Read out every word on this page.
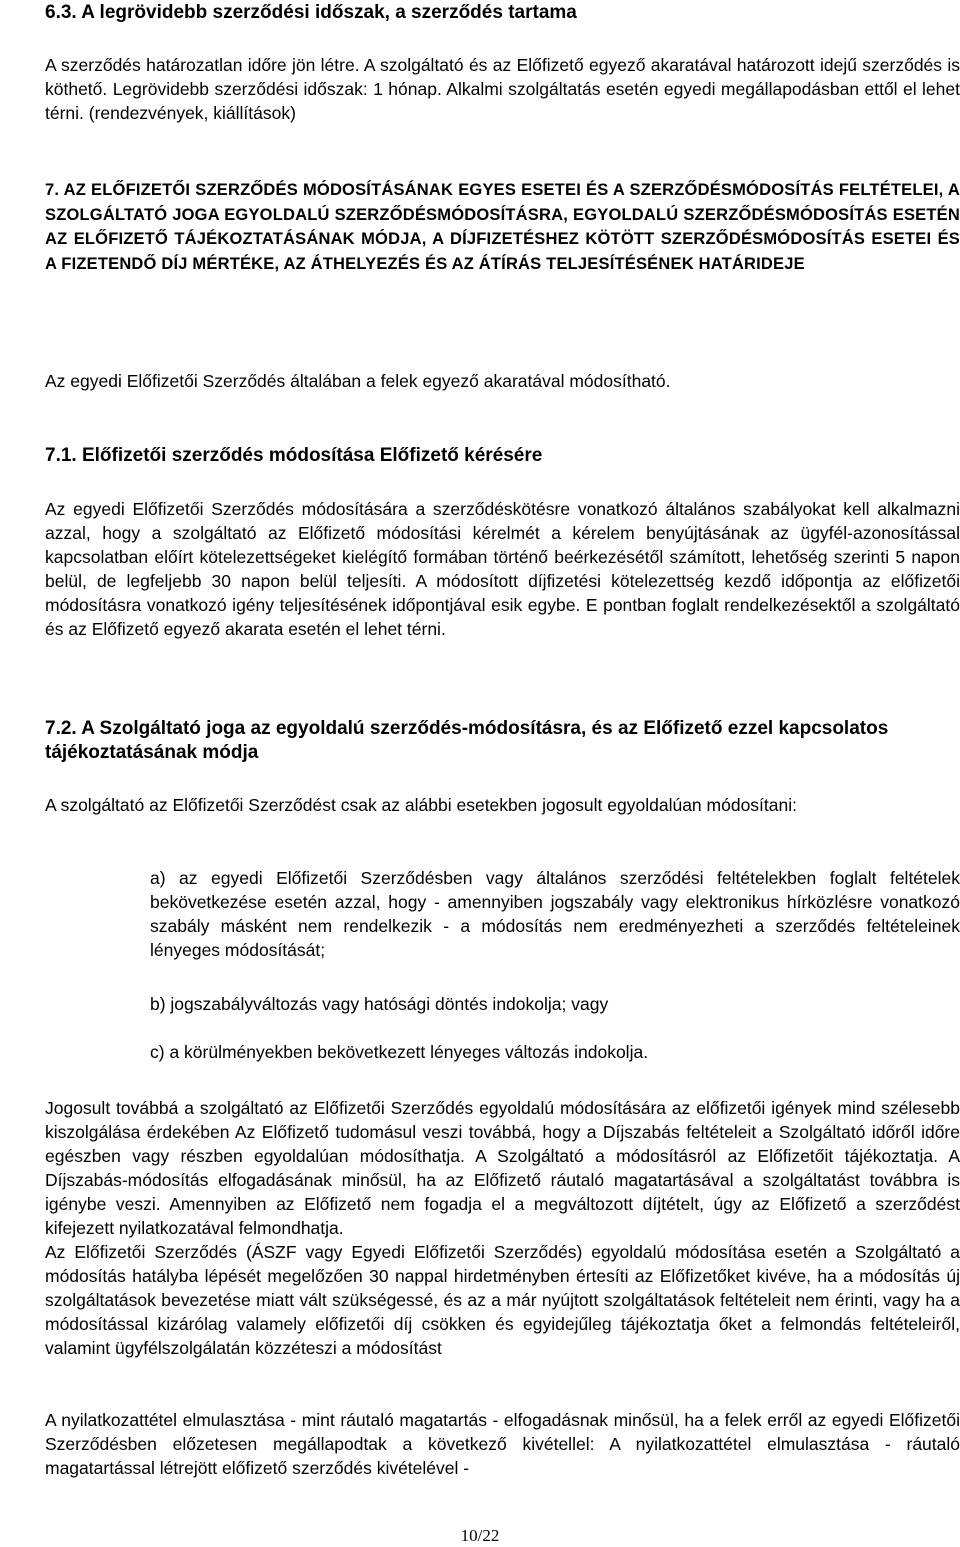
6.3. A legrövidebb szerződési időszak, a szerződés tartama

A szerződés határozatlan időre jön létre. A szolgáltató és az Előfizető egyező akaratával határozott idejű szerződés is köthető. Legrövidebb szerződési időszak: 1 hónap. Alkalmi szolgáltatás esetén egyedi megállapodásban ettől el lehet térni. (rendezvények, kiállítások)

7. AZ ELŐFIZETŐI SZERZŐDÉS MÓDOSÍTÁSÁNAK EGYES ESETEI ÉS A SZERZŐDÉSMÓDOSÍTÁS FELTÉTELEI, A SZOLGÁLTATÓ JOGA EGYOLDALÚ SZERZŐDÉSMÓDOSÍTÁSRA, EGYOLDALÚ SZERZŐDÉSMÓDOSÍTÁS ESETÉN AZ ELŐFIZETŐ TÁJÉKOZTATÁSÁNAK MÓDJA, A DÍJFIZETÉSHEZ KÖTÖTT SZERZŐDÉSMÓDOSÍTÁS ESETEI ÉS A FIZETENDŐ DÍJ MÉRTÉKE, AZ ÁTHELYEZÉS ÉS AZ ÁTÍRÁS TELJESÍTÉSÉNEK HATÁRIDEJE

Az egyedi Előfizetői Szerződés általában a felek egyező akaratával módosítható.

7.1. Előfizetői szerződés módosítása Előfizető kérésére

Az egyedi Előfizetői Szerződés módosítására a szerződéskötésre vonatkozó általános szabályokat kell alkalmazni azzal, hogy a szolgáltató az Előfizető módosítási kérelmét a kérelem benyújtásának az ügyfél-azonosítással kapcsolatban előírt kötelezettségeket kielégítő formában történő beérkezésétől számított, lehetőség szerinti 5 napon belül, de legfeljebb 30 napon belül teljesíti. A módosított díjfizetési kötelezettség kezdő időpontja az előfizetői módosításra vonatkozó igény teljesítésének időpontjával esik egybe. E pontban foglalt rendelkezésektől a szolgáltató és az Előfizető egyező akarata esetén el lehet térni.

7.2. A Szolgáltató joga az egyoldalú szerződés-módosításra, és az Előfizető ezzel kapcsolatos tájékoztatásának módja

A szolgáltató az Előfizetői Szerződést csak az alábbi esetekben jogosult egyoldalúan módosítani:

a) az egyedi Előfizetői Szerződésben vagy általános szerződési feltételekben foglalt feltételek bekövetkezése esetén azzal, hogy - amennyiben jogszabály vagy elektronikus hírközlésre vonatkozó szabály másként nem rendelkezik - a módosítás nem eredményezheti a szerződés feltételeinek lényeges módosítását;

b) jogszabályváltozás vagy hatósági döntés indokolja; vagy

c) a körülményekben bekövetkezett lényeges változás indokolja.

Jogosult továbbá a szolgáltató az Előfizetői Szerződés egyoldalú módosítására az előfizetői igények mind szélesebb kiszolgálása érdekében Az Előfizető tudomásul veszi továbbá, hogy a Díjszabás feltételeit a Szolgáltató időről időre egészben vagy részben egyoldalúan módosíthatja. A Szolgáltató a módosításról az Előfizetőit tájékoztatja. A Díjszabás-módosítás elfogadásának minősül, ha az Előfizető ráutaló magatartásával a szolgáltatást továbbra is igénybe veszi. Amennyiben az Előfizető nem fogadja el a megváltozott díjtételt, úgy az Előfizető a szerződést kifejezett nyilatkozatával felmondhatja.

Az Előfizetői Szerződés (ÁSZF vagy Egyedi Előfizetői Szerződés) egyoldalú módosítása esetén a Szolgáltató a módosítás hatályba lépését megelőzően 30 nappal hirdetményben értesíti az Előfizetőket kivéve, ha a módosítás új szolgáltatások bevezetése miatt vált szükségessé, és az a már nyújtott szolgáltatások feltételeit nem érinti, vagy ha a módosítással kizárólag valamely előfizetői díj csökken és egyidejűleg tájékoztatja őket a felmondás feltételeiről, valamint ügyfélszolgálatán közzéteszi a módosítást

A nyilatkozattétel elmulasztása - mint ráutaló magatartás - elfogadásnak minősül, ha a felek erről az egyedi Előfizetői Szerződésben előzetesen megállapodtak a következő kivétellel: A nyilatkozattétel elmulasztása - ráutaló magatartással létrejött előfizető szerződés kivételével -

10/22
